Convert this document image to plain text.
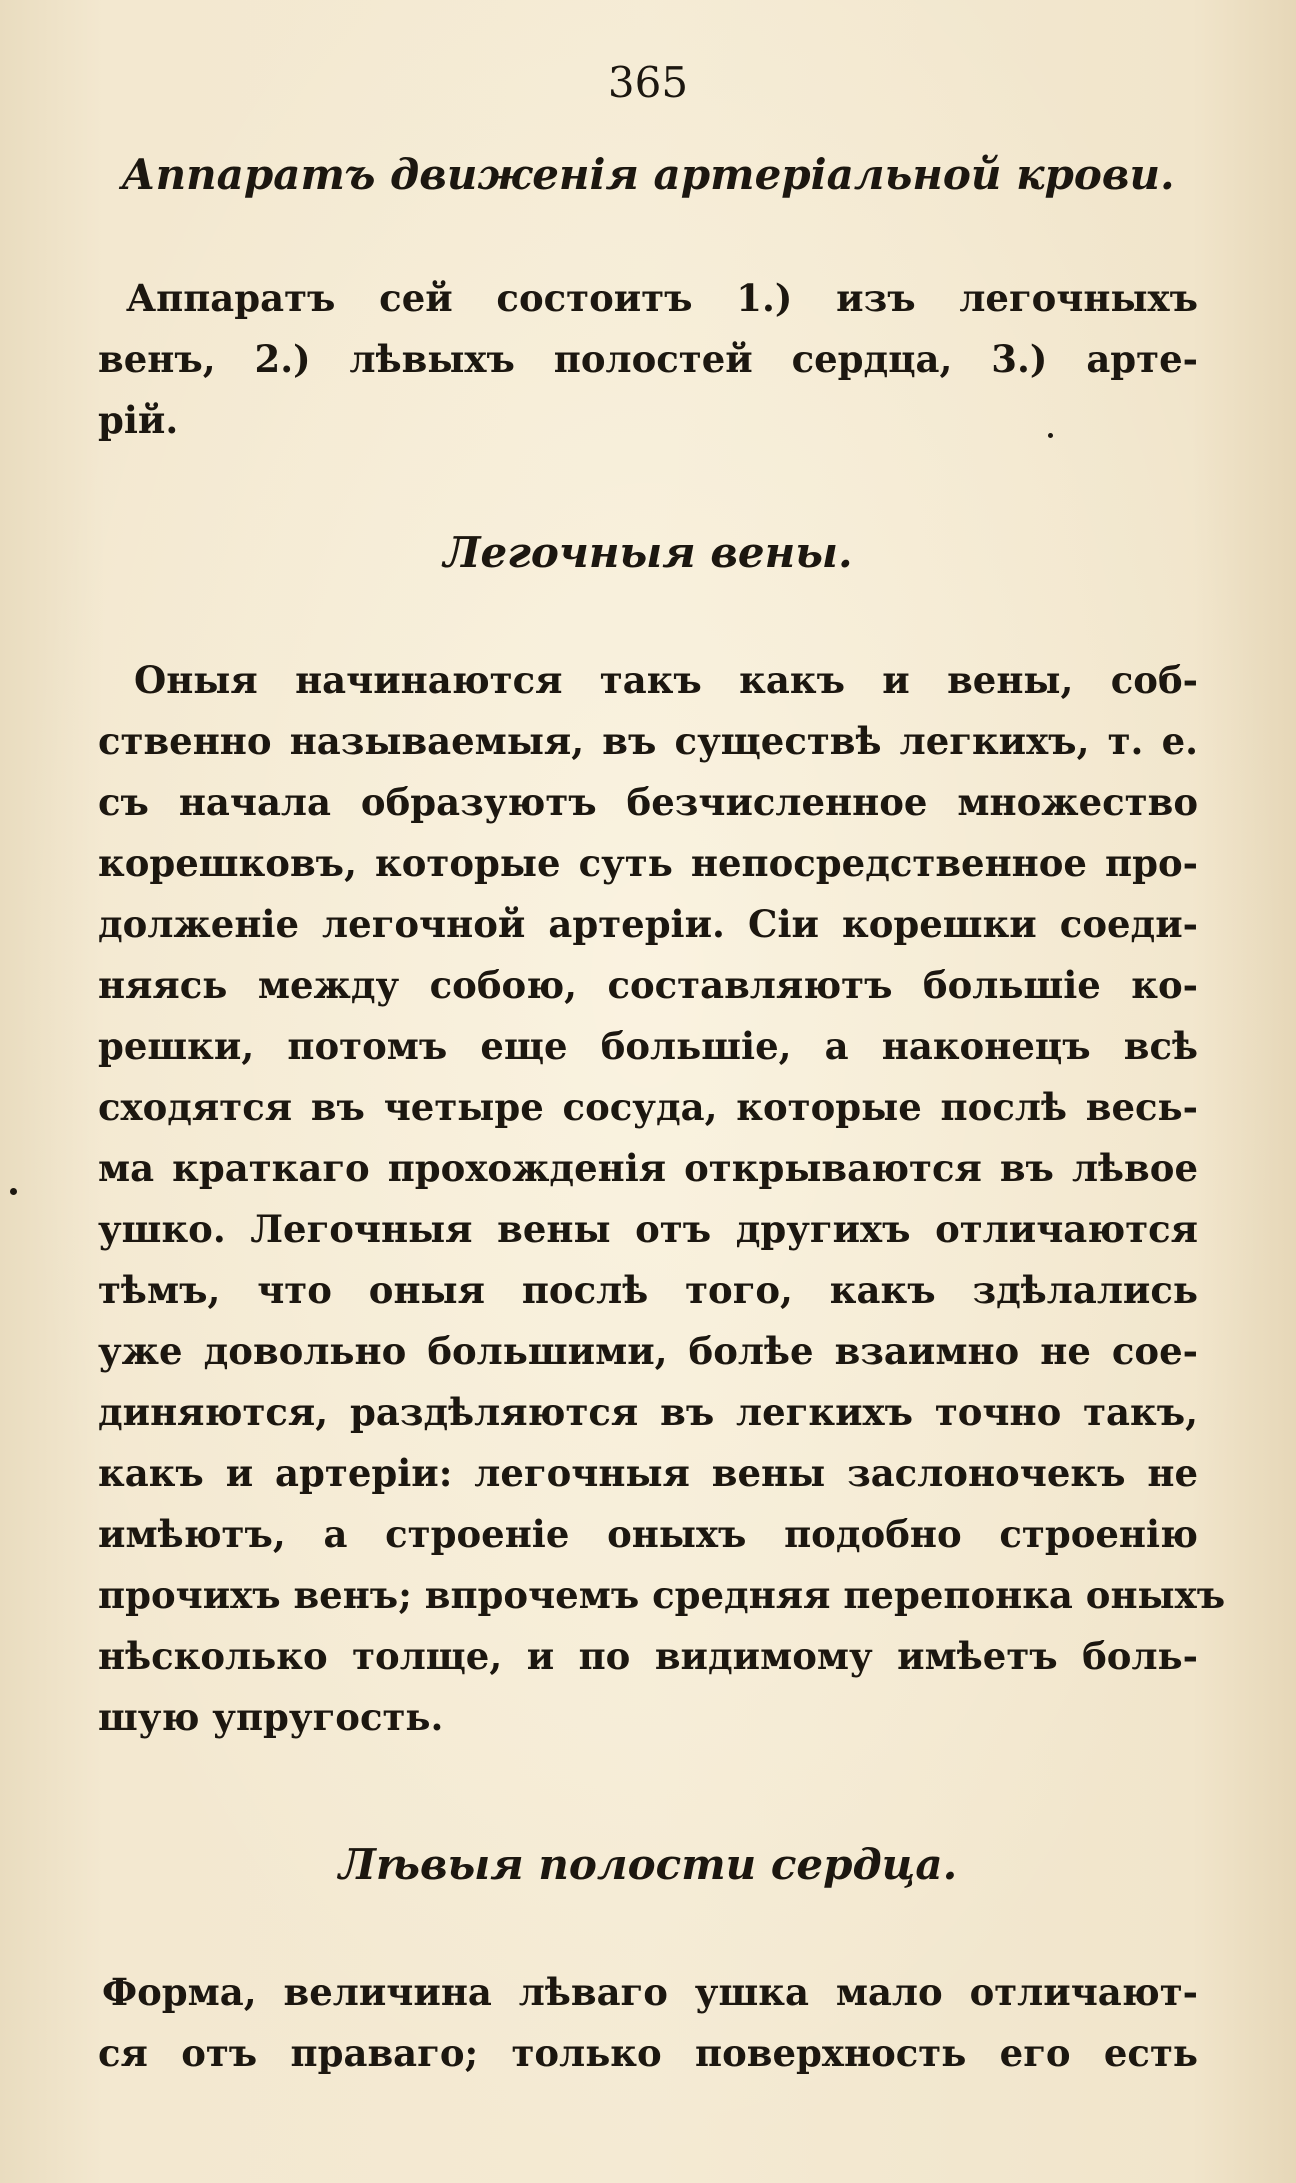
365
Аппаратъ движенія артеріальной крови.
Аппаратъ сей состоитъ 1.) изъ легочныхъ
венъ, 2.) лѣвыхъ полостей сердца, 3.) арте-
рій.
Легочныя вены.
Оныя начинаются такъ какъ и вены, соб-
ственно называемыя, въ существѣ легкихъ, т. е.
съ начала образуютъ безчисленное множество
корешковъ, которые суть непосредственное про-
долженіе легочной артеріи. Сіи корешки соеди-
няясь между собою, составляютъ большіе ко-
решки, потомъ еще большіе, а наконецъ всѣ
сходятся въ четыре сосуда, которые послѣ весь-
ма краткаго прохожденія открываются въ лѣвое
ушко. Легочныя вены отъ другихъ отличаются
тѣмъ, что оныя послѣ того, какъ здѣлались
уже довольно большими, болѣе взаимно не сое-
диняются, раздѣляются въ легкихъ точно такъ,
какъ и артеріи: легочныя вены заслоночекъ не
имѣютъ, а строеніе оныхъ подобно строенію
прочихъ венъ; впрочемъ средняя перепонка оныхъ
нѣсколько толще, и по видимому имѣетъ боль-
шую упругость.
Лѣвыя полости сердца.
Форма, величина лѣваго ушка мало отличают-
ся отъ праваго; только поверхность его есть
